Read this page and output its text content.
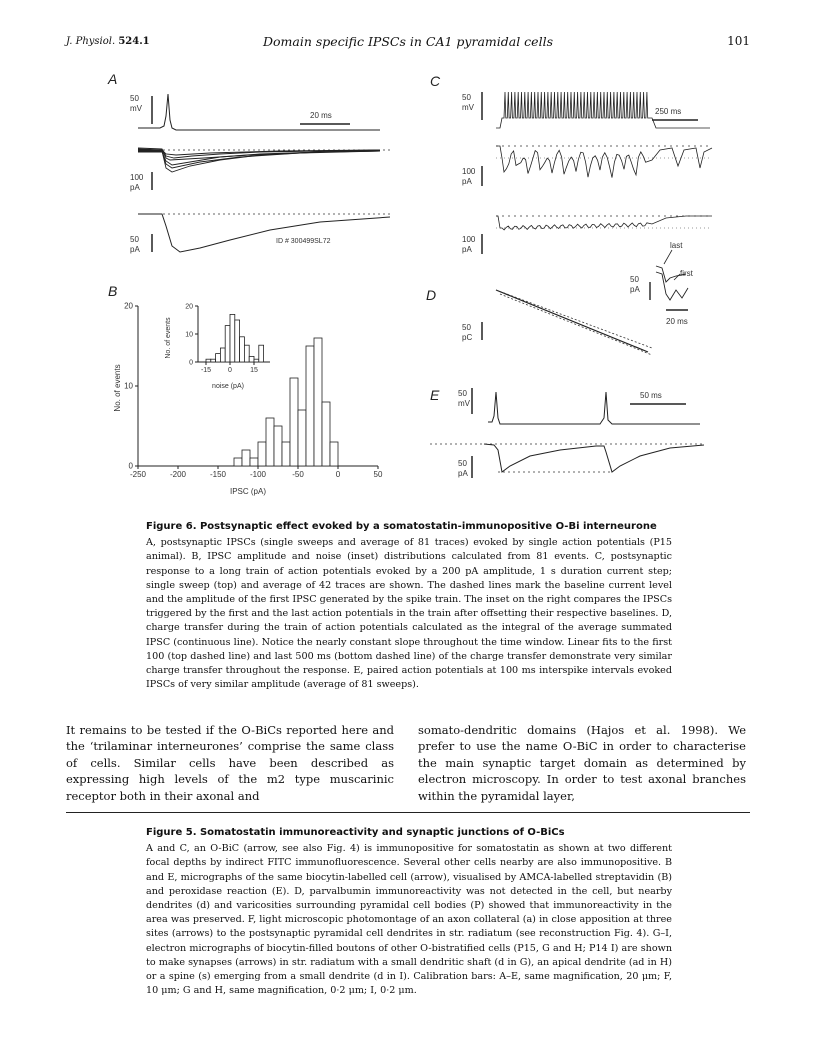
J. Physiol. 524.1	Domain specific IPSCs in CA1 pyramidal cells	101
A
50
mV
20 ms
100
pA
50
pA
ID # 300499SL72
B
-250	-200	-150	-100	-50	0	50
0
10
20
-15 0	15
0
10
20
No. of events
IPSC (pA)
No. of events
noise (pA)
C
50
mV	250 ms
100
pA
100
pA	last
first
50
pA
20 ms
D
50
pC
E 50
mV
50 ms
50
pA
Figure 6. Postsynaptic effect evoked by a somatostatin-immunopositive O-Bi interneurone
A, postsynaptic IPSCs (single sweeps and average of 81 traces) evoked by single action potentials (P15 animal). B, IPSC amplitude and noise (inset) distributions calculated from 81 events. C, postsynaptic response to a long train of action potentials evoked by a 200 pA amplitude, 1 s duration current step; single sweep (top) and average of 42 traces are shown. The dashed lines mark the baseline current level and the amplitude of the first IPSC generated by the spike train. The inset on the right compares the IPSCs triggered by the first and the last action potentials in the train after offsetting their respective baselines. D, charge transfer during the train of action potentials calculated as the integral of the average summated IPSC (continuous line). Notice the nearly constant slope throughout the time window. Linear fits to the first 100 (top dashed line) and last 500 ms (bottom dashed line) of the charge transfer demonstrate very similar charge transfer throughout the response. E, paired action potentials at 100 ms interspike intervals evoked IPSCs of very similar amplitude (average of 81 sweeps).
It remains to be tested if the O-BiCs reported here and the ‘trilaminar interneurones’ comprise the same class of cells. Similar cells have been described as expressing high levels of the m2 type muscarinic receptor both in their axonal and
somato-dendritic domains (Hajos et al. 1998). We prefer to use the name O-BiC in order to characterise the main synaptic target domain as determined by electron microscopy. In order to test axonal branches within the pyramidal layer,
Figure 5. Somatostatin immunoreactivity and synaptic junctions of O-BiCs
A and C, an O-BiC (arrow, see also Fig. 4) is immunopositive for somatostatin as shown at two different focal depths by indirect FITC immunofluorescence. Several other cells nearby are also immunopositive. B and E, micrographs of the same biocytin-labelled cell (arrow), visualised by AMCA-labelled streptavidin (B) and peroxidase reaction (E). D, parvalbumin immunoreactivity was not detected in the cell, but nearby dendrites (d) and varicosities surrounding pyramidal cell bodies (P) showed that immunoreactivity in the area was preserved. F, light microscopic photomontage of an axon collateral (a) in close apposition at three sites (arrows) to the postsynaptic pyramidal cell dendrites in str. radiatum (see reconstruction Fig. 4). G–I, electron micrographs of biocytin-filled boutons of other O-bistratified cells (P15, G and H; P14 I) are shown to make synapses (arrows) in str. radiatum with a small dendritic shaft (d in G), an apical dendrite (ad in H) or a spine (s) emerging from a small dendrite (d in I). Calibration bars: A–E, same magnification, 20 μm; F, 10 μm; G and H, same magnification, 0·2 μm; I, 0·2 μm.
